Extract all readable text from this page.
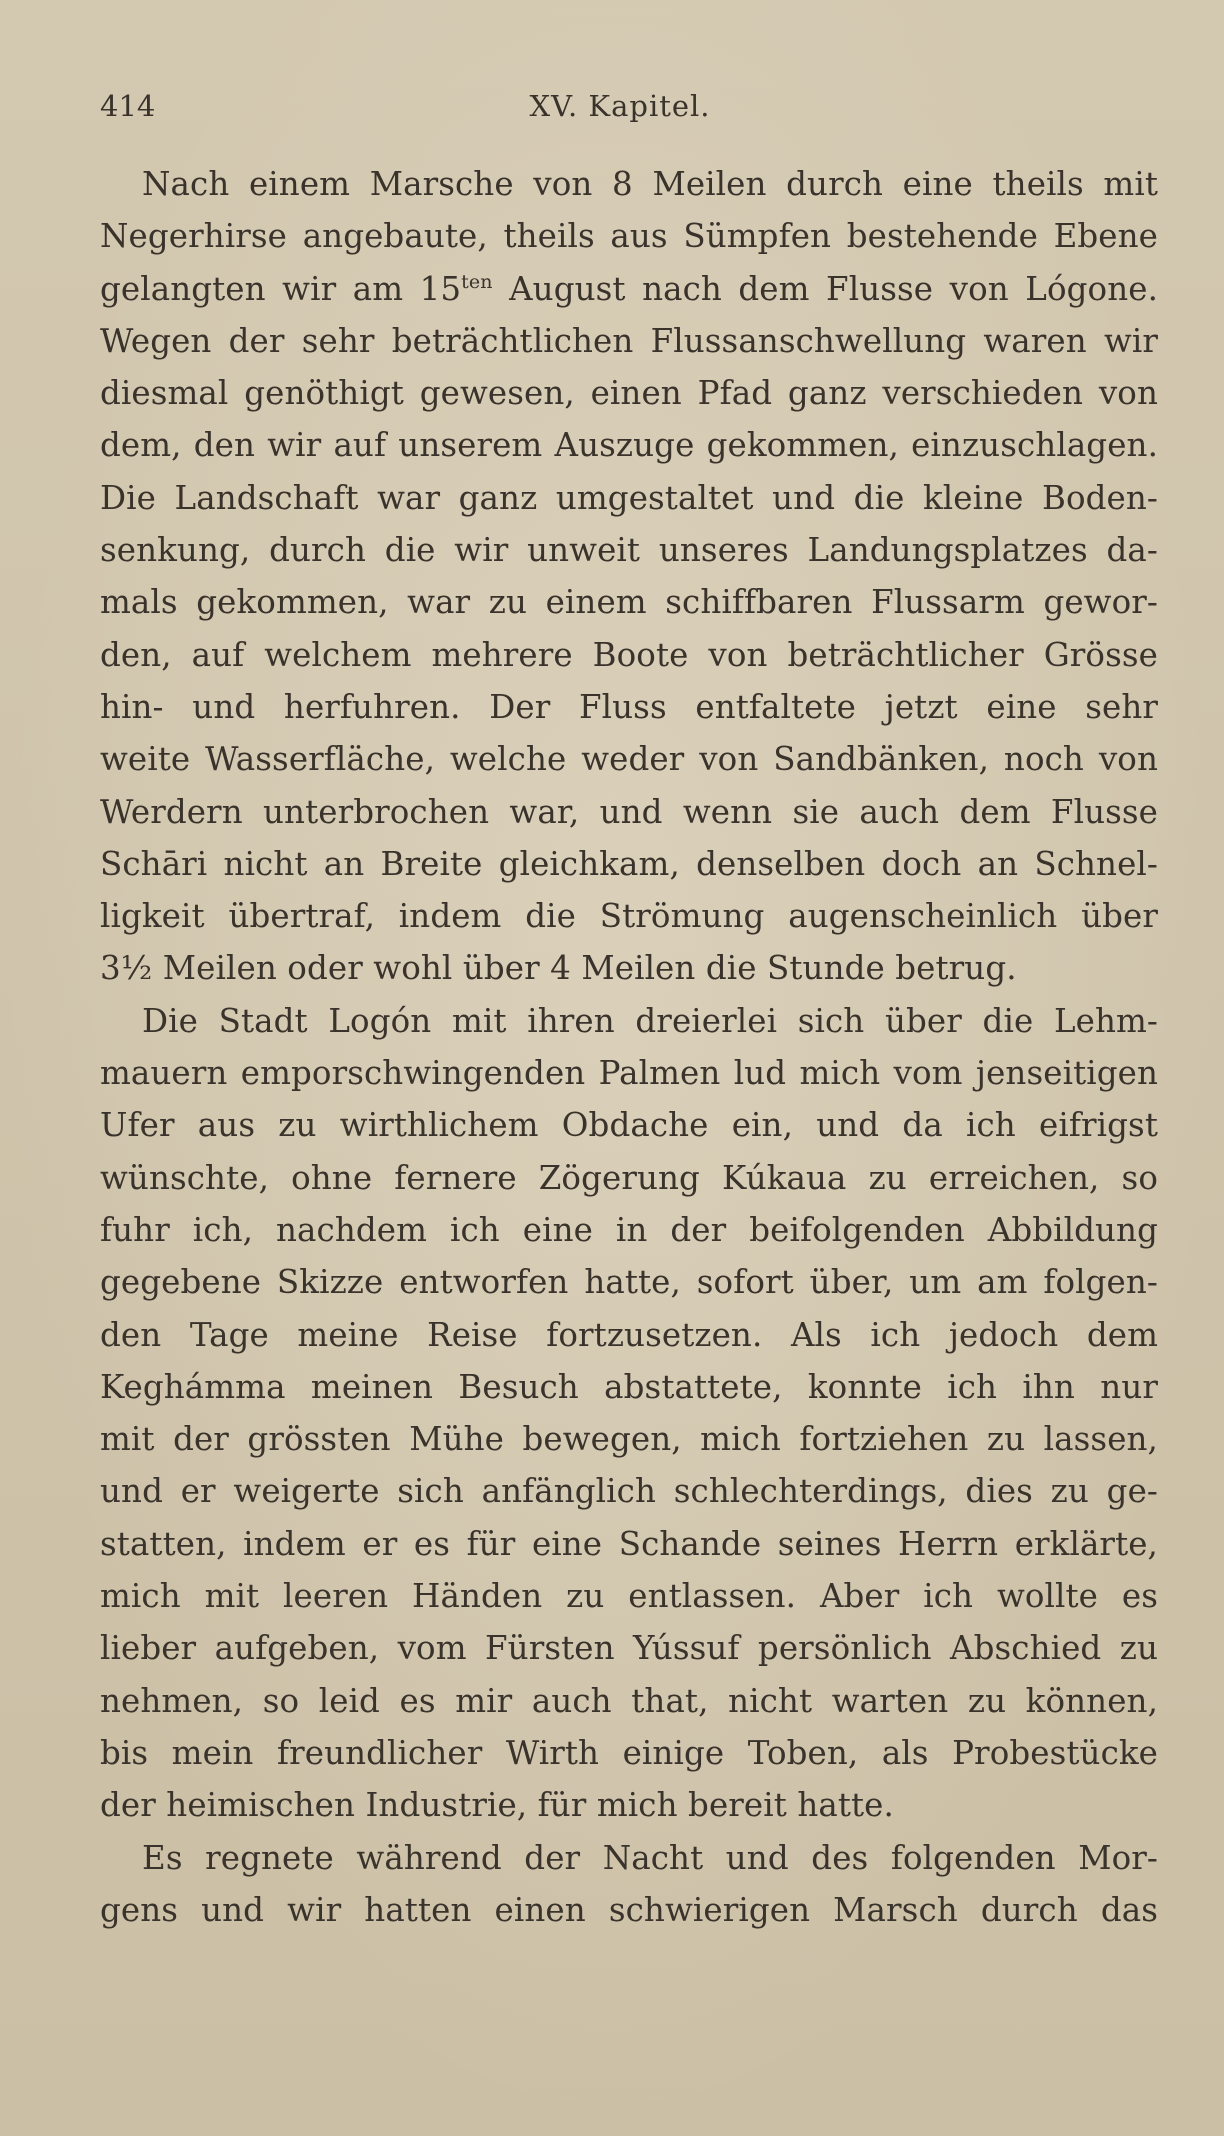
414	XV. Kapitel.
Nach einem Marsche von 8 Meilen durch eine theils mit
Negerhirse angebaute, theils aus Sümpfen bestehende Ebene
gelangten wir am $15^{ten}$ August nach dem Flusse von Lógone.
Wegen der sehr beträchtlichen Flussanschwellung waren wir
diesmal genöthigt gewesen, einen Pfad ganz verschieden von
dem, den wir auf unserem Auszuge gekommen, einzuschlagen.
Die Landschaft war ganz umgestaltet und die kleine Boden-
senkung, durch die wir unweit unseres Landungsplatzes da-
mals gekommen, war zu einem schiffbaren Flussarm gewor-
den, auf welchem mehrere Boote von beträchtlicher Grösse
hin- und herfuhren. Der Fluss entfaltete jetzt eine sehr
weite Wasserfläche, welche weder von Sandbänken, noch von
Werdern unterbrochen war, und wenn sie auch dem Flusse
Schāri nicht an Breite gleichkam, denselben doch an Schnel-
ligkeit übertraf, indem die Strömung augenscheinlich über
3½ Meilen oder wohl über 4 Meilen die Stunde betrug.
Die Stadt Logón mit ihren dreierlei sich über die Lehm-
mauern emporschwingenden Palmen lud mich vom jenseitigen
Ufer aus zu wirthlichem Obdache ein, und da ich eifrigst
wünschte, ohne fernere Zögerung Kúkaua zu erreichen, so
fuhr ich, nachdem ich eine in der beifolgenden Abbildung
gegebene Skizze entworfen hatte, sofort über, um am folgen-
den Tage meine Reise fortzusetzen. Als ich jedoch dem
Keghámma meinen Besuch abstattete, konnte ich ihn nur
mit der grössten Mühe bewegen, mich fortziehen zu lassen,
und er weigerte sich anfänglich schlechterdings, dies zu ge-
statten, indem er es für eine Schande seines Herrn erklärte,
mich mit leeren Händen zu entlassen. Aber ich wollte es
lieber aufgeben, vom Fürsten Yússuf persönlich Abschied zu
nehmen, so leid es mir auch that, nicht warten zu können,
bis mein freundlicher Wirth einige Toben, als Probestücke
der heimischen Industrie, für mich bereit hatte.
Es regnete während der Nacht und des folgenden Mor-
gens und wir hatten einen schwierigen Marsch durch das
